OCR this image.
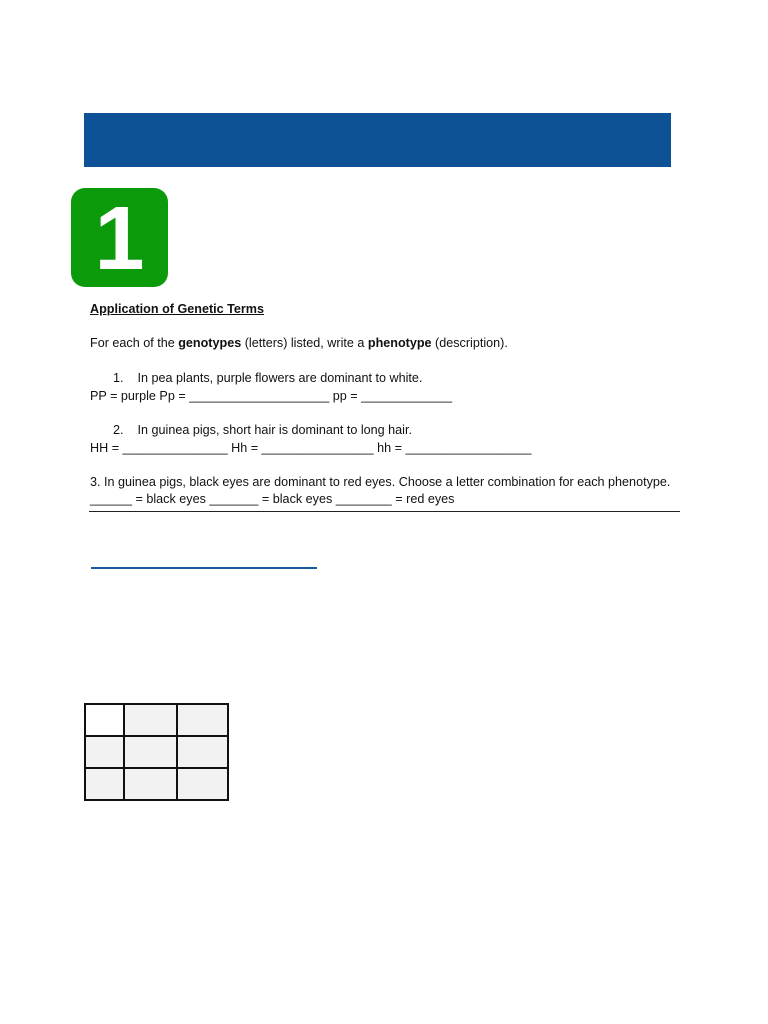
1
Application of Genetic Terms
For each of the genotypes (letters) listed, write a phenotype (description).
1. In pea plants, purple flowers are dominant to white.
PP = purple Pp = ____________________ pp = _____________
2. In guinea pigs, short hair is dominant to long hair.
HH = _______________ Hh = ________________ hh = __________________
3. In guinea pigs, black eyes are dominant to red eyes. Choose a letter combination for each phenotype.
______ = black eyes _______ = black eyes ________ = red eyes
